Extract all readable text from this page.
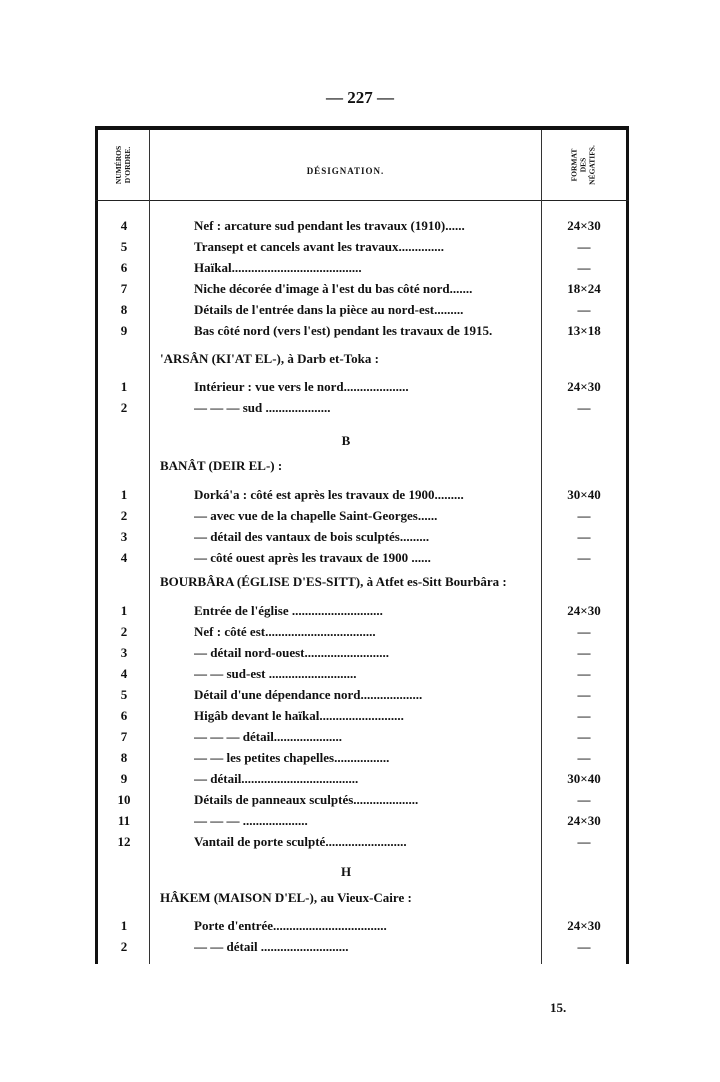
— 227 —
NUMÉROS
D'ORDRE.	DÉSIGNATION.	FORMAT
DES
NÉGATIFS.
4	Nef : arcature sud pendant les travaux (1910)......	24×30
5	Transept et cancels avant les travaux..............	—
6	Haïkal........................................	—
7	Niche décorée d'image à l'est du bas côté nord.......	18×24
8	Détails de l'entrée dans la pièce au nord-est.........	—
9	Bas côté nord (vers l'est) pendant les travaux de 1915.	13×18
'ARSÂN (KI'AT EL-), à Darb et-Toka :
1	Intérieur : vue vers le nord....................	24×30
2	— — — sud ....................	—
B
BANÂT (DEIR EL-) :
1	Dorká'a : côté est après les travaux de 1900.........	30×40
2	— avec vue de la chapelle Saint-Georges......	—
3	— détail des vantaux de bois sculptés.........	—
4	— côté ouest après les travaux de 1900 ......	—
BOURBÂRA (ÉGLISE D'ES-SITT), à Atfet es-Sitt Bourbâra :
1	Entrée de l'église ............................	24×30
2	Nef : côté est..................................	—
3	— détail nord-ouest..........................	—
4	— — sud-est ...........................	—
5	Détail d'une dépendance nord...................	—
6	Higâb devant le haïkal..........................	—
7	— — — détail.....................	—
8	— — les petites chapelles.................	—
9	— détail....................................	30×40
10	Détails de panneaux sculptés....................	—
11	— — — ....................	24×30
12	Vantail de porte sculpté.........................	—
H
HÂKEM (MAISON D'EL-), au Vieux-Caire :
1	Porte d'entrée...................................	24×30
2	— — détail ...........................	—
15.
